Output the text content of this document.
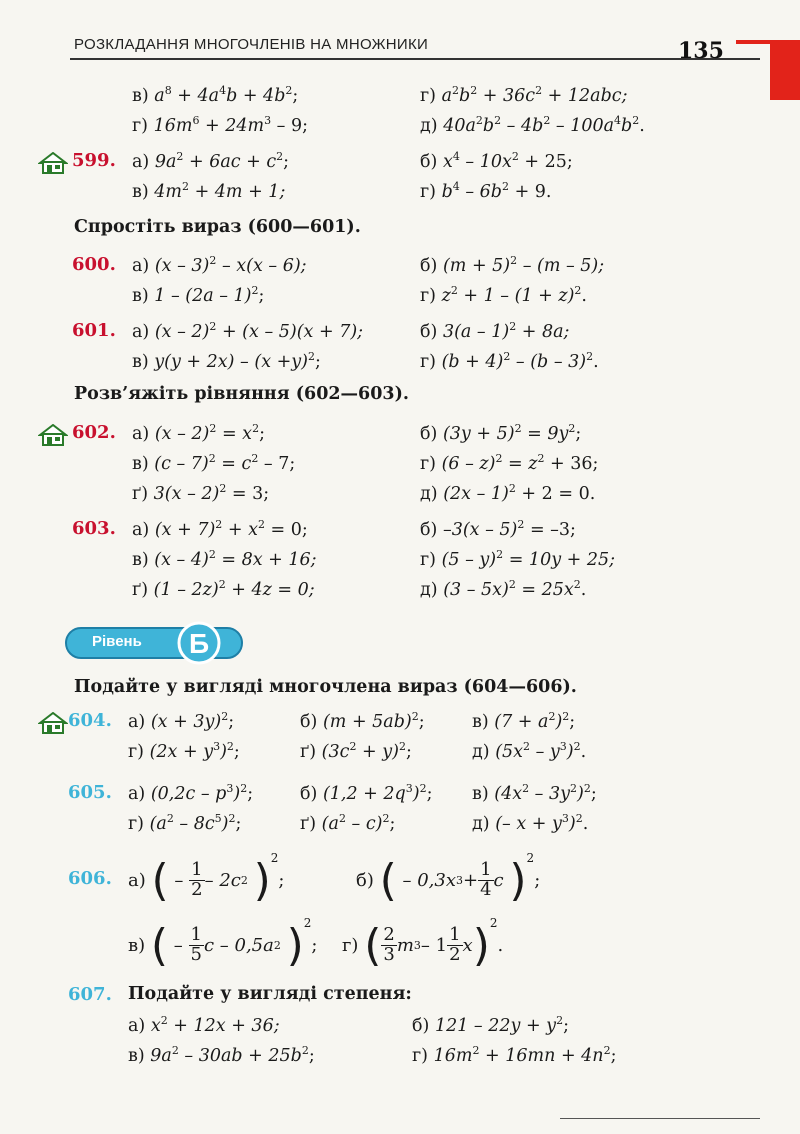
РОЗКЛАДАННЯ МНОГОЧЛЕНІВ НА МНОЖНИКИ	135
в) $a^8 + 4a^4b + 4b^2$;	г) $a^2b^2 + 36c^2 + 12abc$;
г) $16m^6 + 24m^3 - 9$;	д) $40a^2b^2 - 4b^2 - 100a^4b^2$.
599. а) $9a^2 + 6ac + c^2$;	б) $x^4 - 10x^2 + 25$;
в) $4m^2 + 4m + 1$;	г) $b^4 - 6b^2 + 9$.
Спростіть вираз (600—601).
600. а) (x – 3)$^2$ – x(x – 6);	б) $(m + 5)^2 - (m - 5)$;
в) 1 – (2a – 1)$^2$;	г) $z^2 + 1 - (1 + z)^2$.
601. а) (x – 2)$^2$ + (x – 5)(x + 7);	б) 3(a – 1)$^2$ + 8a;
в) $y(y + 2x) - (x +y)^2$;	г) $(b + 4)^2 - (b - 3)^2$.
Розв’яжіть рівняння (602—603).
602. а) $(x - 2)^2 = x^2$;	б) $(3y + 5)^2 = 9y^2$;
в) $(c - 7)^2 = c^2 - 7$;	г) $(6 - z)^2 = z^2 + 36$;
ґ) 3(x – 2)$^2$ = 3;	д) (2x – 1)$^2$ + 2 = 0.
603. а) $(x + 7)^2 + x^2 = 0$;	б) –3(x – 5)$^2$ = –3;
в) (x – 4)$^2$ = 8x + 16;	г) (5 – y)$^2$ = 10y + 25;
ґ) (1 – 2z)$^2$ + 4z = 0;	д) $(3 - 5x)^2 = 25x^2$.
Рівень Б
Подайте у вигляді многочлена вираз (604—606).
604. а) $(x + 3y)^2$;	б) $(m + 5ab)^2$;	в) $(7 + a^2)^2$;
г) $(2x + y^3)^2$;	ґ) $(3c^2 + y)^2$;	д) $(5x^2 - y^3)^2$.
605. а) $(0,2c - p^3)^2$;	б) $(1,2 + 2q^3)^2$; в) $(4x^2 - 3y^2)^2$;
г) $(a^2 - 8c^5)^2$;	ґ) $(a^2 - c)^2$;	д) (– $x + y^3)^2$.
606. а)
(
–
$\frac{1}{2} - 2c$ 2
) 2
;	б)
(
– 0,3x $3 + \frac{1}{4}$ c
) 2
;
в)
(
–
$\frac{1}{5}$ c – 0,5a 2
) 2
; г)
( $\frac{2}{3}$ m $3 - 1 \frac{1}{2}$ x ) 2
.
607. Подайте у вигляді степеня:
а) $x^2 + 12x + 36$;	б) $121 - 22y + y^2$;
в) $9a^2 - 30ab + 25b^2$;	г) $16m^2 + 16mn + 4n^2$;
